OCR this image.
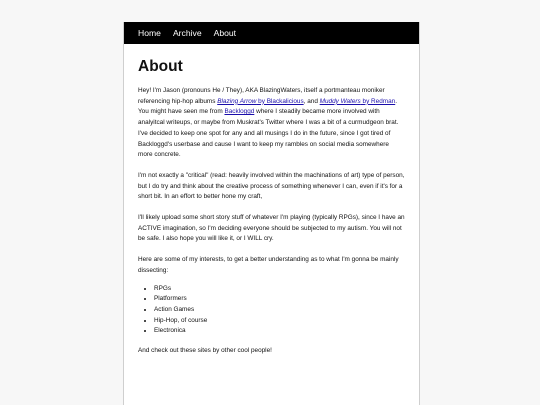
Home Archive About
About

Hey! I'm Jason (pronouns He / They), AKA BlazingWaters, itself a portmanteau moniker referencing hip-hop albums Blazing Arrow by Blackalicious, and Muddy Waters by Redman. You might have seen me from Backloggd where I steadily became more involved with analyitcal writeups, or maybe from Muskrat's Twitter where I was a bit of a curmudgeon brat. I've decided to keep one spot for any and all musings I do in the future, since I got tired of Backloggd's userbase and cause I want to keep my rambles on social media somewhere more concrete.

I'm not exactly a "critical" (read: heavily involved within the machinations of art) type of person, but I do try and think about the creative process of something whenever I can, even if it's for a short bit. In an effort to better hone my craft,

I'll likely upload some short story stuff of whatever I'm playing (typically RPGs), since I have an ACTIVE imagination, so I'm deciding everyone should be subjected to my autism. You will not be safe. I also hope you will like it, or I WILL cry.

Here are some of my interests, to get a better understanding as to what I'm gonna be mainly dissecting:

• RPGs
• Platformers
• Action Games
• Hip-Hop, of course
• Electronica

And check out these sites by other cool people!
